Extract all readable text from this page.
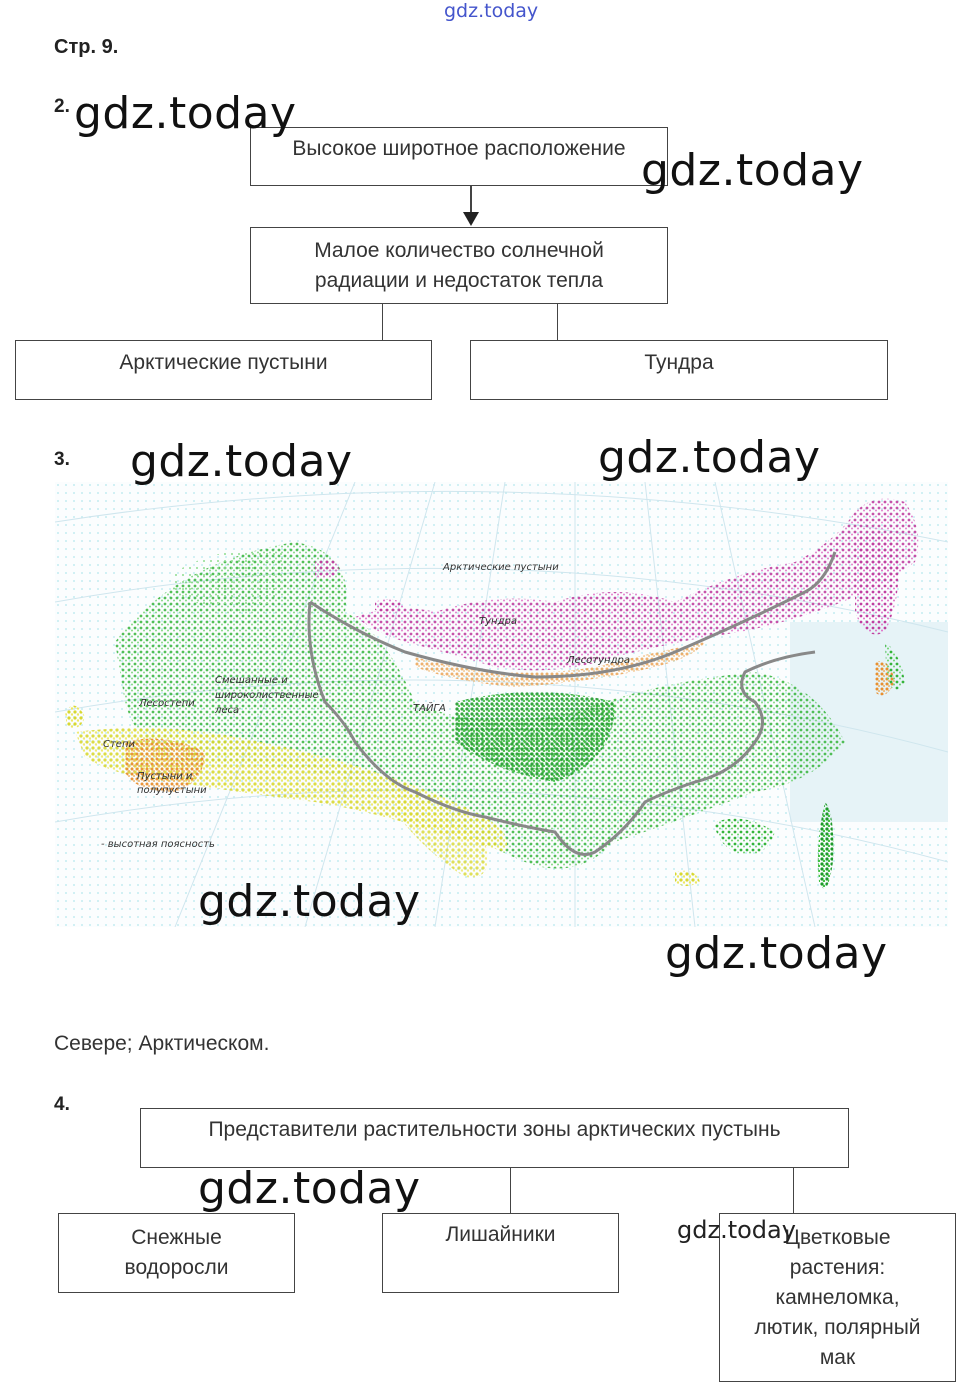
gdz.today
Стр. 9.
2.
Высокое широтное расположение
Малое количество солнечной
радиации и недостаток тепла
Арктические пустыни	Тундра
3.
Арктические пустыни
Тундра
Лесотундра
Смешанные и
широколиственные
леса
Лесостепи	ТАЙГА
Степи
Пустыни и
полупустыни
- высотная поясность
Севере; Арктическом.
4.
Представители растительности зоны арктических пустынь
Снежные
водоросли
Лишайники	Цветковые
растения:
камнеломка,
лютик, полярный
мак
gdz.today
gdz.today
gdz.today	gdz.today
gdz.today
gdz.today
gdz.today
gdz.today
